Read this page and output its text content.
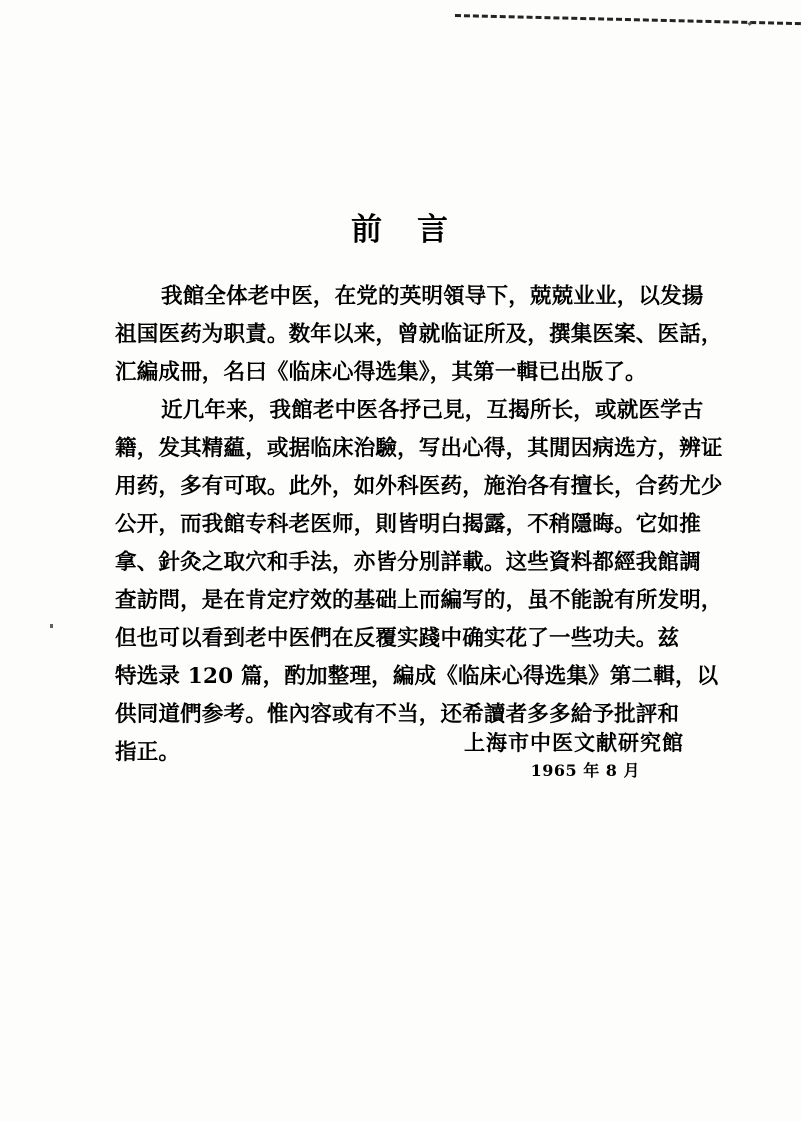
前　言
我館全体老中医，在党的英明領导下，兢兢业业，以发揚
祖国医药为职責。数年以来，曾就临证所及，撰集医案、医話，
汇編成冊，名曰《临床心得选集》，其第一輯已出版了。
近几年来，我館老中医各抒己見，互揭所长，或就医学古
籍，发其精藴，或据临床治驗，写出心得，其閒因病选方，辨证
用药，多有可取。此外，如外科医药，施治各有擅长，合药尤少
公开，而我館专科老医师，則皆明白揭露，不稍隱晦。它如推
拿、針灸之取穴和手法，亦皆分別詳載。这些資料都經我館調
查訪問，是在肯定疗效的基础上而編写的，虽不能說有所发明，
但也可以看到老中医們在反覆实踐中确实花了一些功夫。兹
特选录 120 篇，酌加整理，編成《临床心得选集》第二輯，以
供同道們参考。惟內容或有不当，还希讀者多多給予批評和
指正。	上海市中医文献研究館
1965 年 8 月
